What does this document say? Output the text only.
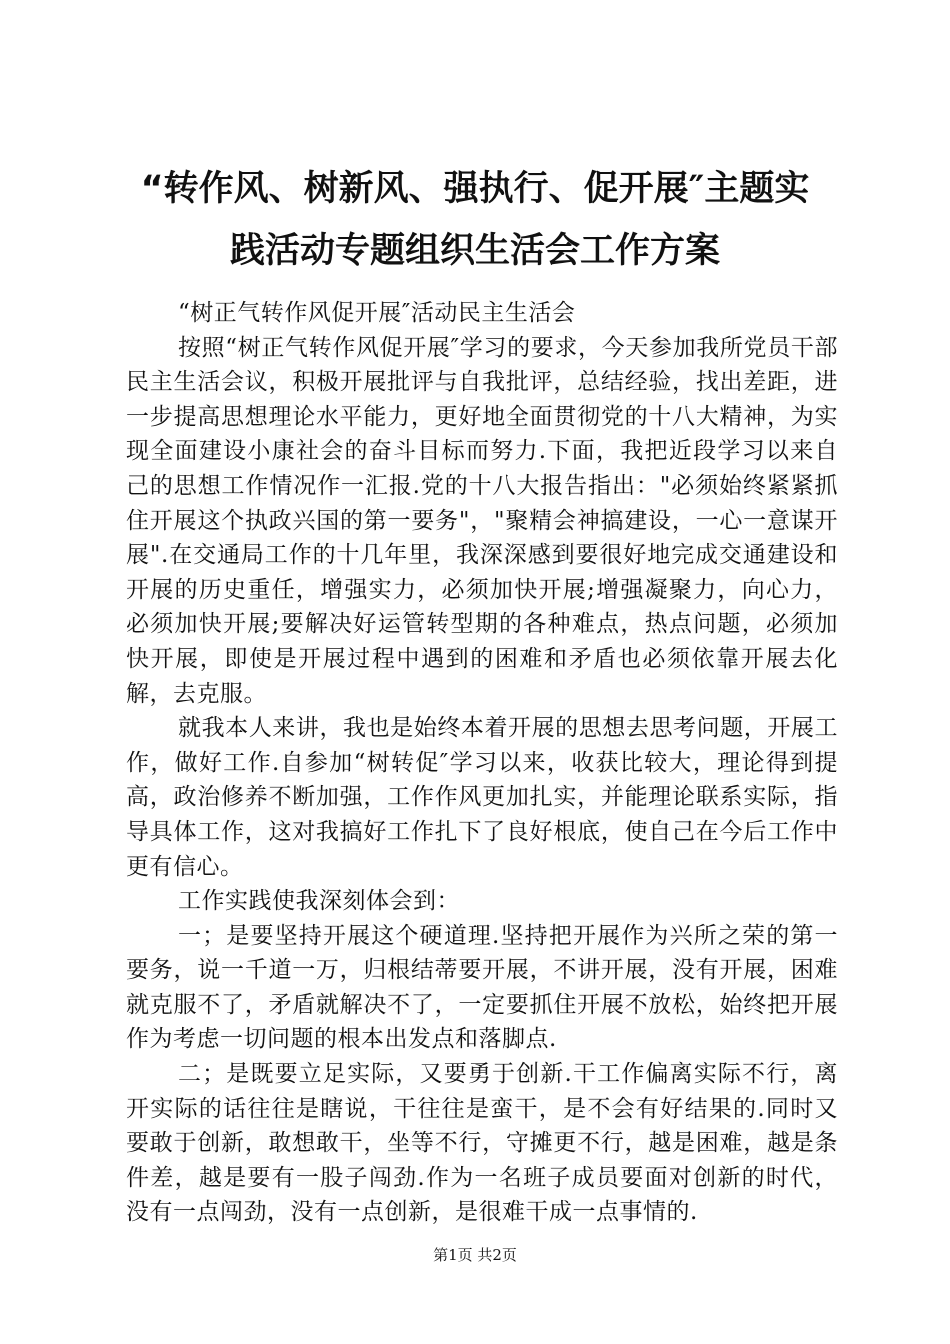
“转作风、树新风、强执行、促开展″主题实
践活动专题组织生活会工作方案

“树正气转作风促开展″活动民主生活会

按照“树正气转作风促开展″学习的要求，今天参加我所党员干部民主生活会议，积极开展批评与自我批评，总结经验，找出差距，进一步提高思想理论水平能力，更好地全面贯彻党的十八大精神，为实现全面建设小康社会的奋斗目标而努力.下面，我把近段学习以来自己的思想工作情况作一汇报.党的十八大报告指出："必须始终紧紧抓住开展这个执政兴国的第一要务"，"聚精会神搞建设，一心一意谋开展".在交通局工作的十几年里，我深深感到要很好地完成交通建设和开展的历史重任，增强实力，必须加快开展;增强凝聚力，向心力，必须加快开展;要解决好运管转型期的各种难点，热点问题，必须加快开展，即使是开展过程中遇到的困难和矛盾也必须依靠开展去化解，去克服。

就我本人来讲，我也是始终本着开展的思想去思考问题，开展工作，做好工作.自参加“树转促″学习以来，收获比较大，理论得到提高，政治修养不断加强，工作作风更加扎实，并能理论联系实际，指导具体工作，这对我搞好工作扎下了良好根底，使自己在今后工作中更有信心。

工作实践使我深刻体会到：

一；是要坚持开展这个硬道理.坚持把开展作为兴所之荣的第一要务，说一千道一万，归根结蒂要开展，不讲开展，没有开展，困难就克服不了，矛盾就解决不了，一定要抓住开展不放松，始终把开展作为考虑一切问题的根本出发点和落脚点.

二；是既要立足实际，又要勇于创新.干工作偏离实际不行，离开实际的话往往是瞎说，干往往是蛮干，是不会有好结果的.同时又要敢于创新，敢想敢干，坐等不行，守摊更不行，越是困难，越是条件差，越是要有一股子闯劲.作为一名班子成员要面对创新的时代，没有一点闯劲，没有一点创新，是很难干成一点事情的.

第1页 共2页
